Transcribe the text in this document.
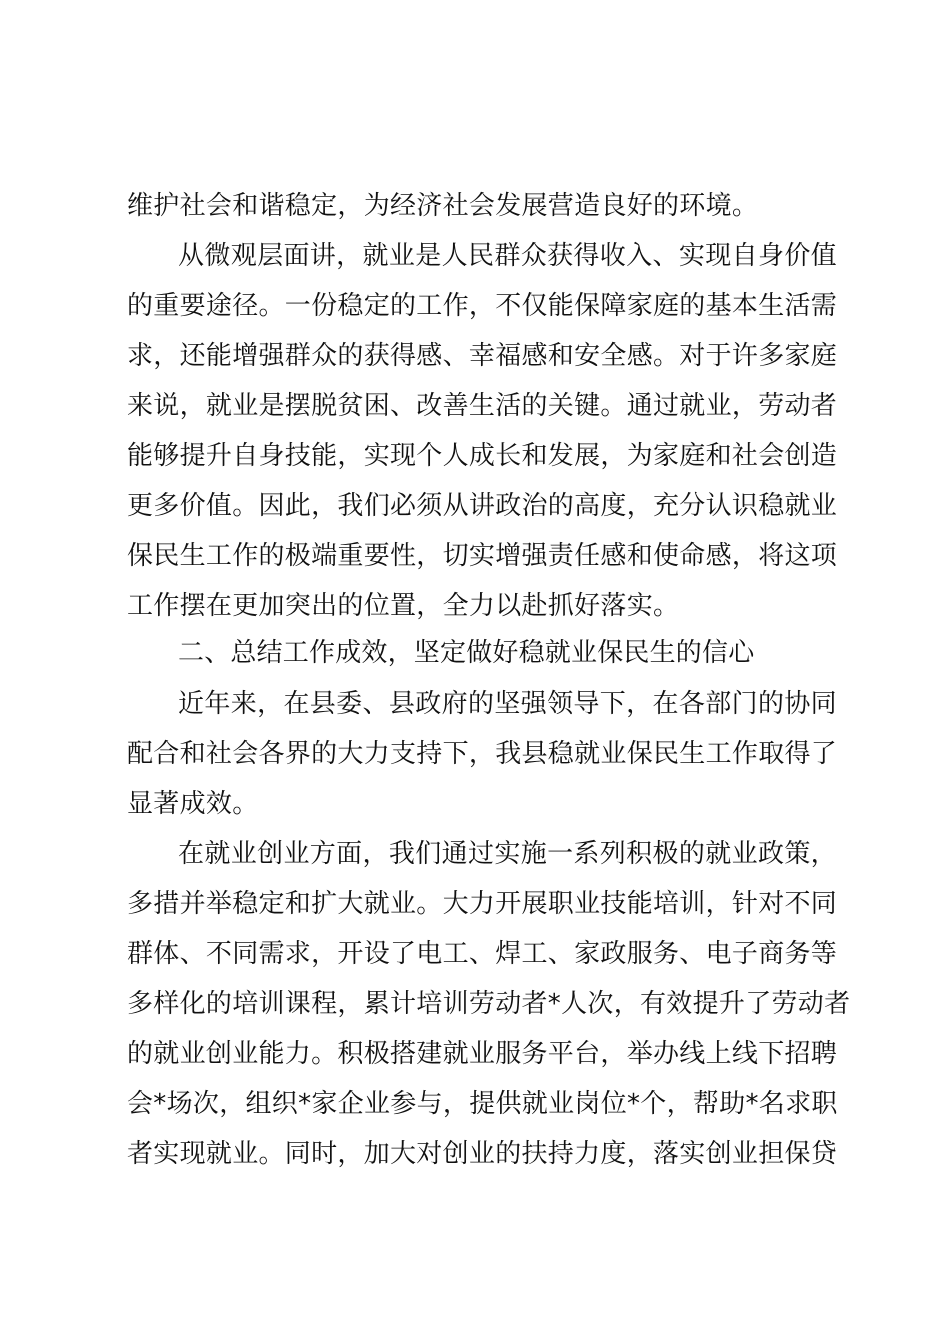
维护社会和谐稳定，为经济社会发展营造良好的环境。

从微观层面讲，就业是人民群众获得收入、实现自身价值

的重要途径。一份稳定的工作，不仅能保障家庭的基本生活需

求，还能增强群众的获得感、幸福感和安全感。对于许多家庭

来说，就业是摆脱贫困、改善生活的关键。通过就业，劳动者

能够提升自身技能，实现个人成长和发展，为家庭和社会创造

更多价值。因此，我们必须从讲政治的高度，充分认识稳就业

保民生工作的极端重要性，切实增强责任感和使命感，将这项

工作摆在更加突出的位置，全力以赴抓好落实。

二、总结工作成效，坚定做好稳就业保民生的信心

近年来，在县委、县政府的坚强领导下，在各部门的协同

配合和社会各界的大力支持下，我县稳就业保民生工作取得了

显著成效。

在就业创业方面，我们通过实施一系列积极的就业政策，

多措并举稳定和扩大就业。大力开展职业技能培训，针对不同

群体、不同需求，开设了电工、焊工、家政服务、电子商务等

多样化的培训课程，累计培训劳动者*人次，有效提升了劳动者

的就业创业能力。积极搭建就业服务平台，举办线上线下招聘

会*场次，组织*家企业参与，提供就业岗位*个，帮助*名求职

者实现就业。同时，加大对创业的扶持力度，落实创业担保贷
